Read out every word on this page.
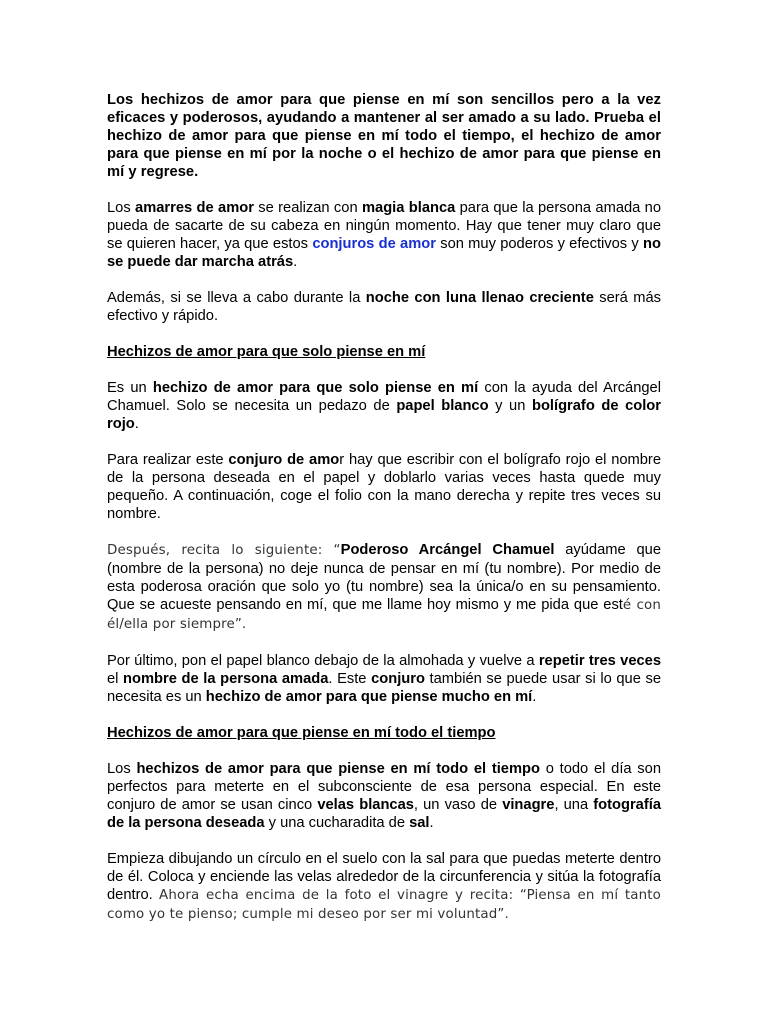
Los hechizos de amor para que piense en mí son sencillos pero a la vez eficaces y poderosos, ayudando a mantener al ser amado a su lado. Prueba el hechizo de amor para que piense en mí todo el tiempo, el hechizo de amor para que piense en mí por la noche o el hechizo de amor para que piense en mí y regrese.

Los amarres de amor se realizan con magia blanca para que la persona amada no pueda de sacarte de su cabeza en ningún momento. Hay que tener muy claro que se quieren hacer, ya que estos conjuros de amor son muy poderos y efectivos y no se puede dar marcha atrás.

Además, si se lleva a cabo durante la noche con luna llenao creciente será más efectivo y rápido.

Hechizos de amor para que solo piense en mí

Es un hechizo de amor para que solo piense en mí con la ayuda del Arcángel Chamuel. Solo se necesita un pedazo de papel blanco y un bolígrafo de color rojo.

Para realizar este conjuro de amor hay que escribir con el bolígrafo rojo el nombre de la persona deseada en el papel y doblarlo varias veces hasta quede muy pequeño. A continuación, coge el folio con la mano derecha y repite tres veces su nombre.

Después, recita lo siguiente: “Poderoso Arcángel Chamuel ayúdame que (nombre de la persona) no deje nunca de pensar en mí (tu nombre). Por medio de esta poderosa oración que solo yo (tu nombre) sea la única/o en su pensamiento. Que se acueste pensando en mí, que me llame hoy mismo y me pida que esté con él/ella por siempre”.

Por último, pon el papel blanco debajo de la almohada y vuelve a repetir tres veces el nombre de la persona amada. Este conjuro también se puede usar si lo que se necesita es un hechizo de amor para que piense mucho en mí.

Hechizos de amor para que piense en mí todo el tiempo

Los hechizos de amor para que piense en mí todo el tiempo o todo el día son perfectos para meterte en el subconsciente de esa persona especial. En este conjuro de amor se usan cinco velas blancas, un vaso de vinagre, una fotografía de la persona deseada y una cucharadita de sal.

Empieza dibujando un círculo en el suelo con la sal para que puedas meterte dentro de él. Coloca y enciende las velas alrededor de la circunferencia y sitúa la fotografía dentro. Ahora echa encima de la foto el vinagre y recita: “Piensa en mí tanto como yo te pienso; cumple mi deseo por ser mi voluntad”.
